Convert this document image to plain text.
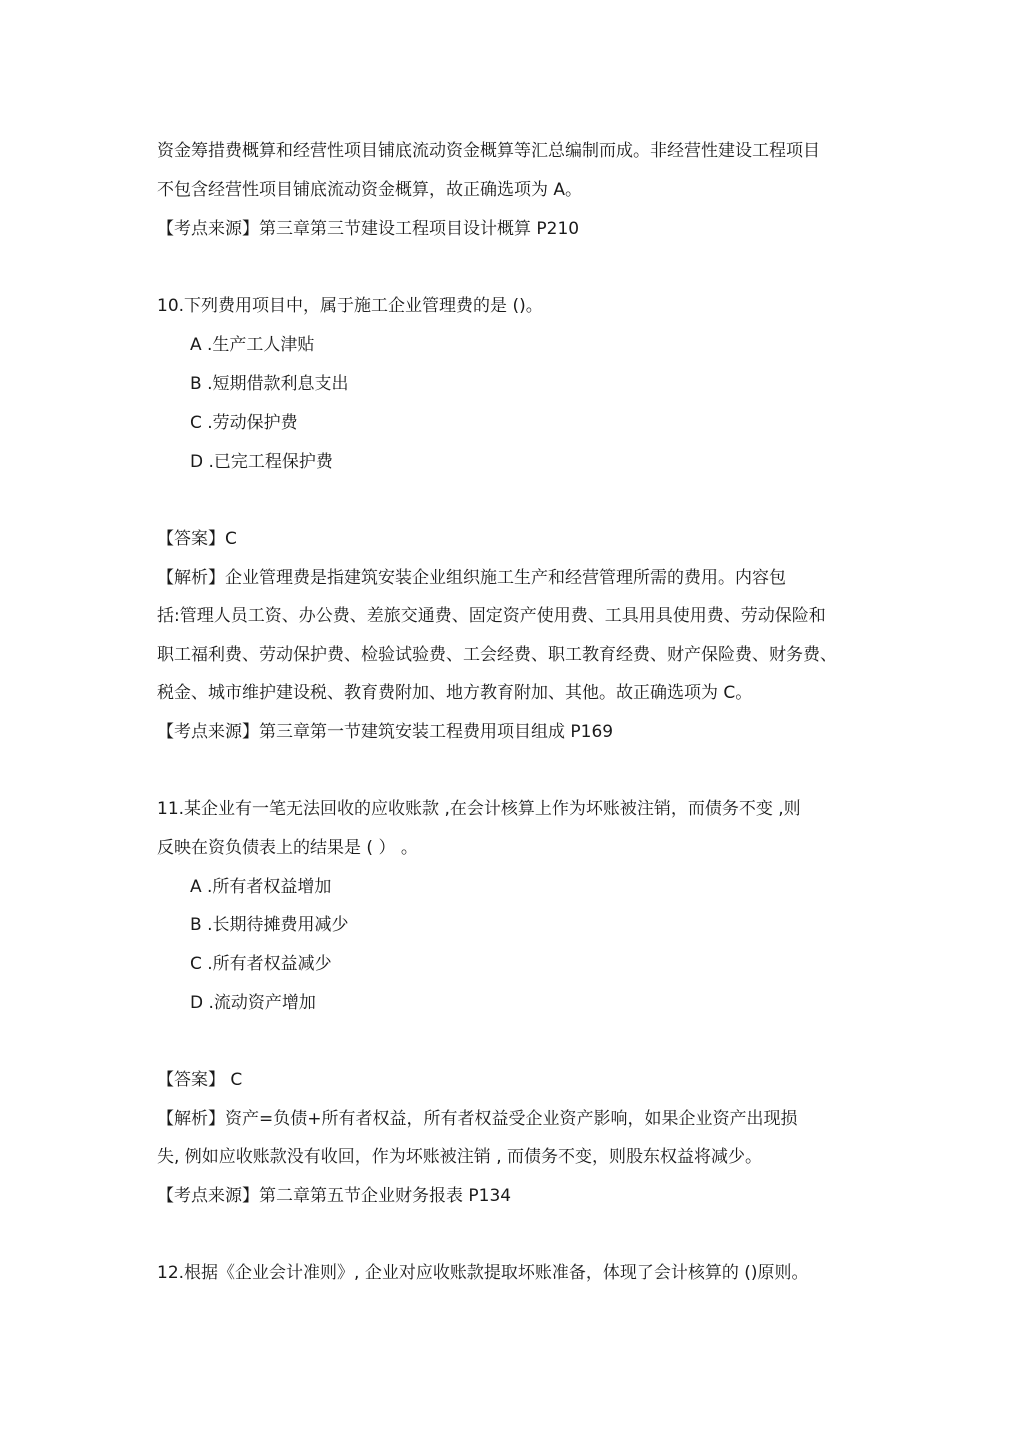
资金筹措费概算和经营性项目铺底流动资金概算等汇总编制而成。非经营性建设工程项目
不包含经营性项目铺底流动资金概算，故正确选项为 A。
【考点来源】第三章第三节建设工程项目设计概算 P210
10.下列费用项目中，属于施工企业管理费的是 ()。
A .生产工人津贴
B .短期借款利息支出
C .劳动保护费
D .已完工程保护费
【答案】C
【解析】企业管理费是指建筑安装企业组织施工生产和经营管理所需的费用。内容包
括:管理人员工资、办公费、差旅交通费、固定资产使用费、工具用具使用费、劳动保险和
职工福利费、劳动保护费、检验试验费、工会经费、职工教育经费、财产保险费、财务费、
税金、城市维护建设税、教育费附加、地方教育附加、其他。故正确选项为 C。
【考点来源】第三章第一节建筑安装工程费用项目组成 P169
11.某企业有一笔无法回收的应收账款 ,在会计核算上作为坏账被注销，而债务不变 ,则
反映在资负债表上的结果是 ( ） 。
A .所有者权益增加
B .长期待摊费用减少
C .所有者权益减少
D .流动资产增加
【答案】 C
【解析】资产=负债+所有者权益，所有者权益受企业资产影响，如果企业资产出现损
失, 例如应收账款没有收回，作为坏账被注销 , 而债务不变，则股东权益将减少。
【考点来源】第二章第五节企业财务报表 P134
12.根据《企业会计准则》, 企业对应收账款提取坏账准备，体现了会计核算的 ()原则。
